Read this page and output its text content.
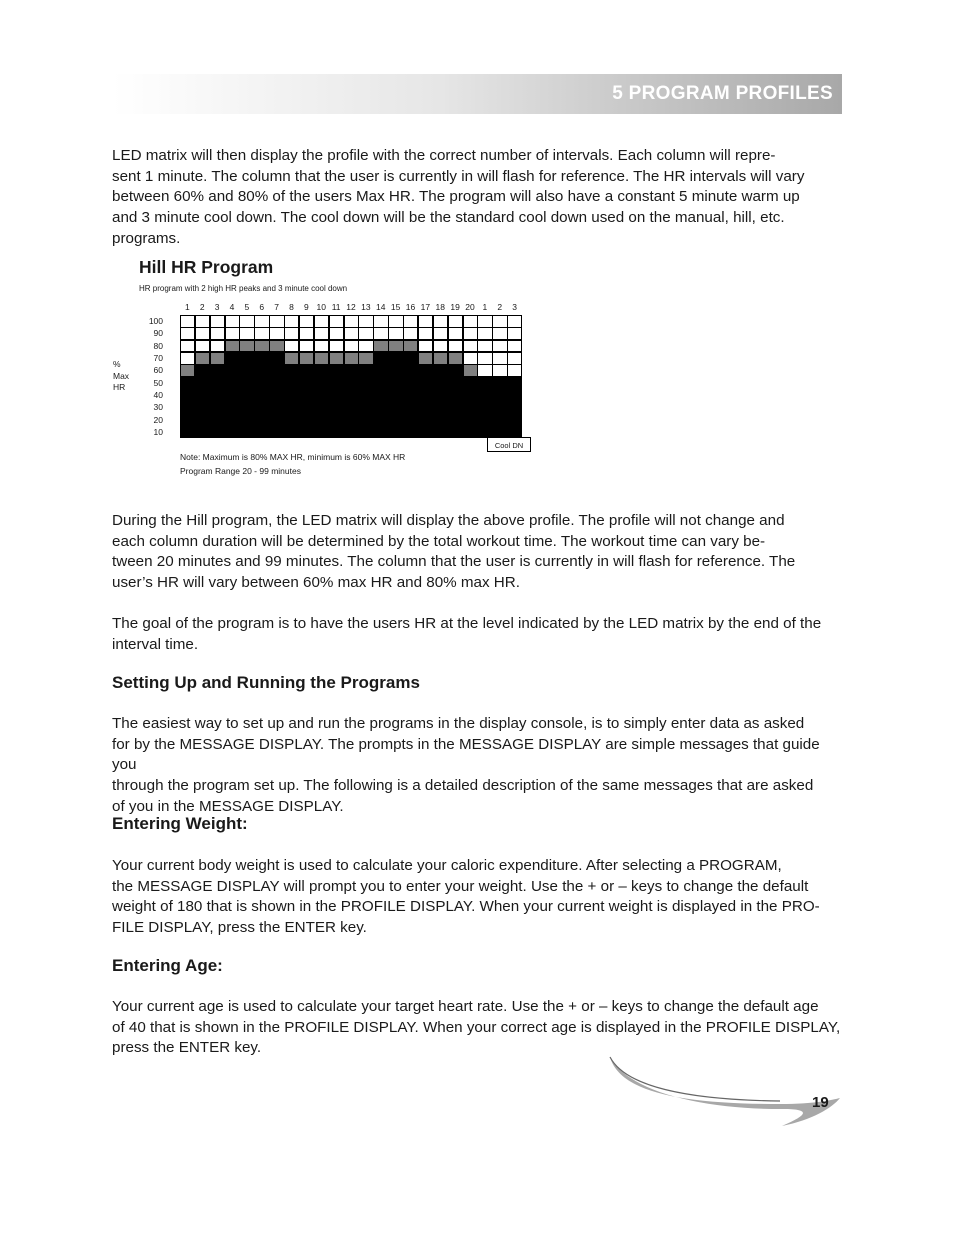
5 PROGRAM PROFILES
LED matrix will then display the profile with the correct number of intervals. Each column will repre-
sent 1 minute. The column that the user is currently in will flash for reference. The HR intervals will vary
between 60% and 80% of the users Max HR. The program will also have a constant 5 minute warm up
and 3 minute cool down. The cool down will be the standard cool down used on the manual, hill, etc.
programs.
Hill HR Program
HR program with 2 high HR peaks and 3 minute cool down
1	2	3	4	5	6	7	8	9 10 11 12 13 14 15 16 17 18 19 20 1	2	3
100
90
80
70
60
50
40
30
20
10
%
Max
HR
Cool DN
Note: Maximum is 80% MAX HR, minimum is 60% MAX HR
Program Range 20 - 99 minutes
During the Hill program, the LED matrix will display the above profile. The profile will not change and
each column duration will be determined by the total workout time. The workout time can vary be-
tween 20 minutes and 99 minutes. The column that the user is currently in will flash for reference. The
user’s HR will vary between 60% max HR and 80% max HR.
The goal of the program is to have the users HR at the level indicated by the LED matrix by the end of the
interval time.
Setting Up and Running the Programs
The easiest way to set up and run the programs in the display console, is to simply enter data as asked
for by the MESSAGE DISPLAY. The prompts in the MESSAGE DISPLAY are simple messages that guide you
through the program set up. The following is a detailed description of the same messages that are asked
of you in the MESSAGE DISPLAY.
Entering Weight:
Your current body weight is used to calculate your caloric expenditure. After selecting a PROGRAM,
the MESSAGE DISPLAY will prompt you to enter your weight. Use the + or – keys to change the default
weight of 180 that is shown in the PROFILE DISPLAY. When your current weight is displayed in the PRO-
FILE DISPLAY, press the ENTER key.
Entering Age:
Your current age is used to calculate your target heart rate. Use the + or – keys to change the default age
of 40 that is shown in the PROFILE DISPLAY. When your correct age is displayed in the PROFILE DISPLAY,
press the ENTER key.
19
